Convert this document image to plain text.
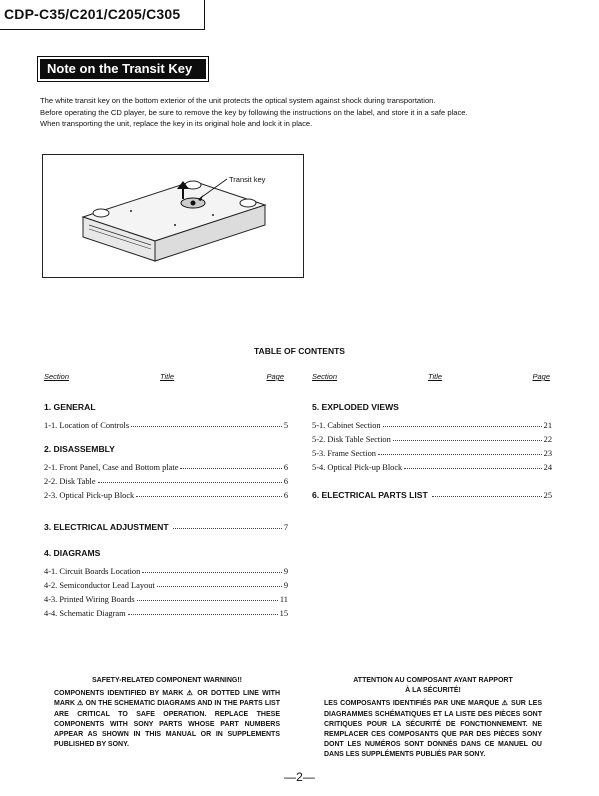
CDP-C35/C201/C205/C305
Note on the Transit Key

The white transit key on the bottom exterior of the unit protects the optical system against shock during transportation.

Before operating the CD player, be sure to remove the key by following the instructions on the label, and store it in a safe place.

When transporting the unit, replace the key in its original hole and lock it in place.

Transit key
TABLE OF CONTENTS
Section	Title	Page
1. GENERAL
1-1. Location of Controls	5
2. DISASSEMBLY
2-1. Front Panel, Case and Bottom plate	6
2-2. Disk Table	6
2-3. Optical Pick-up Block	6
3. ELECTRICAL ADJUSTMENT	7
4. DIAGRAMS
4-1. Circuit Boards Location	9
4-2. Semiconductor Lead Layout	9
4-3. Printed Wiring Boards	11
4-4. Schematic Diagram	15
Section	Title	Page
5. EXPLODED VIEWS
5-1. Cabinet Section	21
5-2. Disk Table Section	22
5-3. Frame Section	23
5-4. Optical Pick-up Block	24
6. ELECTRICAL PARTS LIST	25
SAFETY-RELATED COMPONENT WARNING!!
COMPONENTS IDENTIFIED BY MARK ⚠ OR DOTTED LINE WITH MARK ⚠ ON THE SCHEMATIC DIAGRAMS AND IN THE PARTS LIST ARE CRITICAL TO SAFE OPERATION. REPLACE THESE COMPONENTS WITH SONY PARTS WHOSE PART NUMBERS APPEAR AS SHOWN IN THIS MANUAL OR IN SUPPLEMENTS PUBLISHED BY SONY.
ATTENTION AU COMPOSANT AYANT RAPPORT
À LA SÉCURITÉ!
LES COMPOSANTS IDENTIFIÉS PAR UNE MARQUE ⚠ SUR LES DIAGRAMMES SCHÉMATIQUES ET LA LISTE DES PIÈCES SONT CRITIQUES POUR LA SÉCURITÉ DE FONCTIONNEMENT. NE REMPLACER CES COMPOSANTS QUE PAR DES PIÈCES SONY DONT LES NUMÉROS SONT DONNÉS DANS CE MANUEL OU DANS LES SUPPLÉMENTS PUBLIÉS PAR SONY.
—2—
